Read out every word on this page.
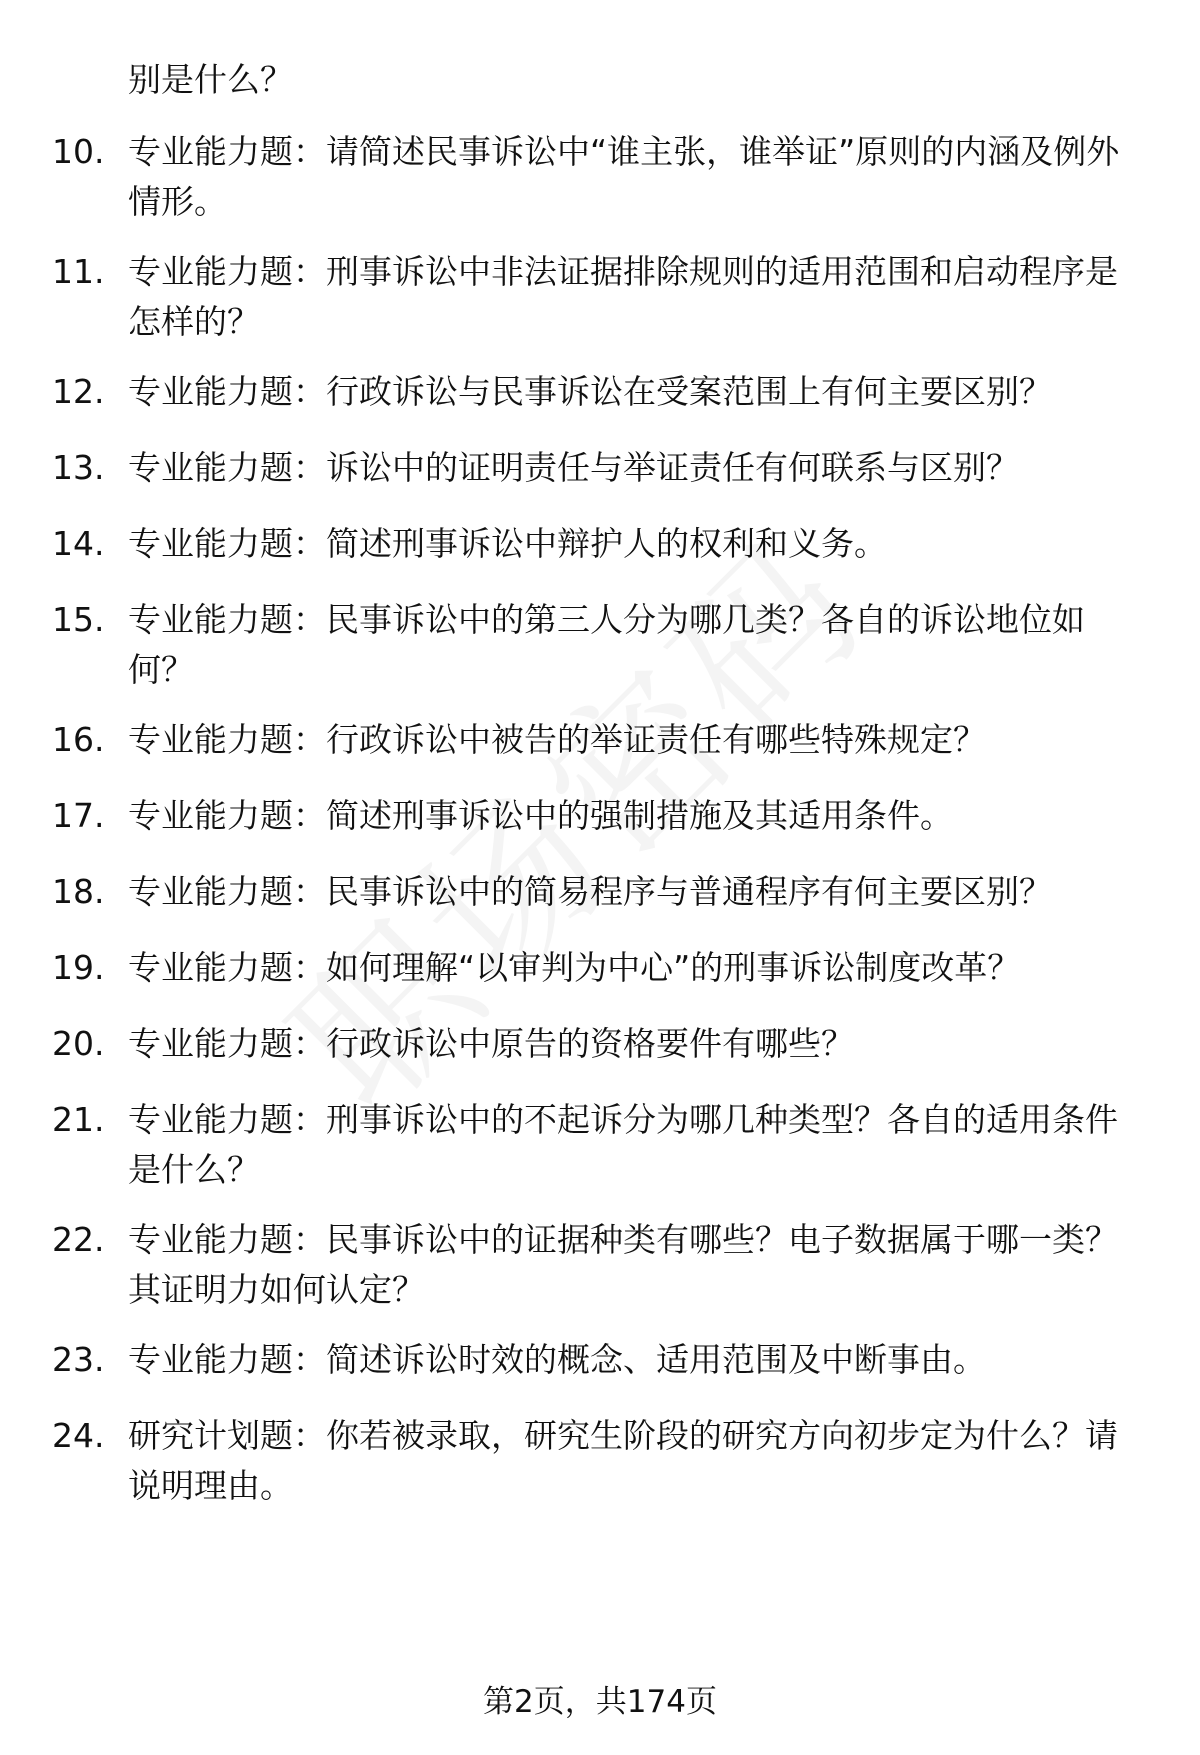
别是什么？
10. 专业能力题：请简述民事诉讼中“谁主张，谁举证”原则的内涵及例外情形。
11. 专业能力题：刑事诉讼中非法证据排除规则的适用范围和启动程序是怎样的？
12. 专业能力题：行政诉讼与民事诉讼在受案范围上有何主要区别？
13. 专业能力题：诉讼中的证明责任与举证责任有何联系与区别？
14. 专业能力题：简述刑事诉讼中辩护人的权利和义务。
15. 专业能力题：民事诉讼中的第三人分为哪几类？各自的诉讼地位如何？
16. 专业能力题：行政诉讼中被告的举证责任有哪些特殊规定？
17. 专业能力题：简述刑事诉讼中的强制措施及其适用条件。
18. 专业能力题：民事诉讼中的简易程序与普通程序有何主要区别？
19. 专业能力题：如何理解“以审判为中心”的刑事诉讼制度改革？
20. 专业能力题：行政诉讼中原告的资格要件有哪些？
21. 专业能力题：刑事诉讼中的不起诉分为哪几种类型？各自的适用条件是什么？
22. 专业能力题：民事诉讼中的证据种类有哪些？电子数据属于哪一类？其证明力如何认定？
23. 专业能力题：简述诉讼时效的概念、适用范围及中断事由。
24. 研究计划题：你若被录取，研究生阶段的研究方向初步定为什么？请说明理由。
第2页，共174页
